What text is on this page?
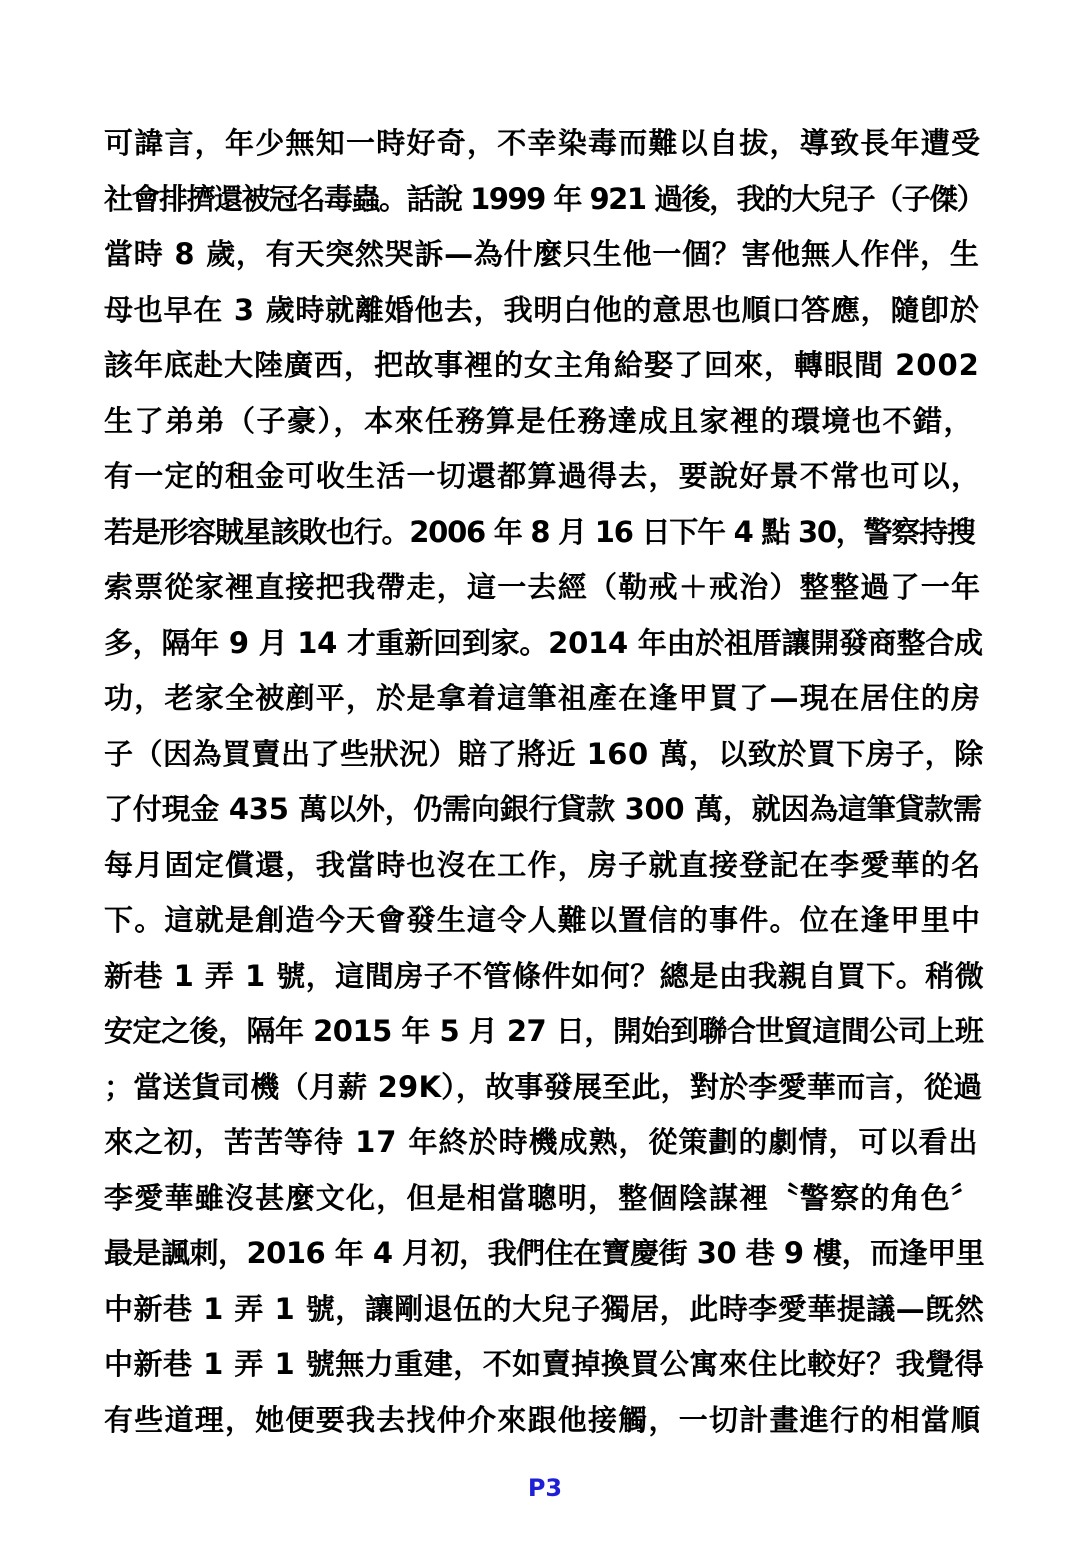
可諱言，年少無知一時好奇，不幸染毒而難以自拔，導致長年遭受
社會排擠還被冠名毒蟲。話說 1999 年 921 過後，我的大兒子（子傑）
當時 8 歲，有天突然哭訴—為什麼只生他一個？害他無人作伴，生
母也早在 3 歲時就離婚他去，我明白他的意思也順口答應，隨卽於
該年底赴大陸廣西，把故事裡的女主角給娶了回來，轉眼間 2002
生了弟弟（子豪），本來任務算是任務達成且家裡的環境也不錯，
有一定的租金可收生活一切還都算過得去，要說好景不常也可以，
若是形容賊星該敗也行。2006 年 8 月 16 日下午 4 點 30，警察持搜
索票從家裡直接把我帶走，這一去經（勒戒＋戒治）整整過了一年
多，隔年 9 月 14 才重新回到家。2014 年由於祖厝讓開發商整合成
功，老家全被剷平，於是拿着這筆祖產在逢甲買了—現在居住的房
子（因為買賣出了些狀況）賠了將近 160 萬，以致於買下房子，除
了付現金 435 萬以外，仍需向銀行貸款 300 萬，就因為這筆貸款需
每月固定償還，我當時也沒在工作，房子就直接登記在李愛華的名
下。這就是創造今天會發生這令人難以置信的事件。位在逢甲里中
新巷 1 弄 1 號，這間房子不管條件如何？總是由我親自買下。稍微
安定之後，隔年 2015 年 5 月 27 日，開始到聯合世貿這間公司上班
；當送貨司機（月薪 29K），故事發展至此，對於李愛華而言，從過
來之初，苦苦等待 17 年終於時機成熟，從策劃的劇情，可以看出
李愛華雖沒甚麼文化，但是相當聰明，整個陰謀裡〝警察的角色〞
最是諷刺，2016 年 4 月初，我們住在寶慶街 30 巷 9 樓，而逢甲里
中新巷 1 弄 1 號，讓剛退伍的大兒子獨居，此時李愛華提議—旣然
中新巷 1 弄 1 號無力重建，不如賣掉換買公寓來住比較好？我覺得
有些道理，她便要我去找仲介來跟他接觸，一切計畫進行的相當順
P3
